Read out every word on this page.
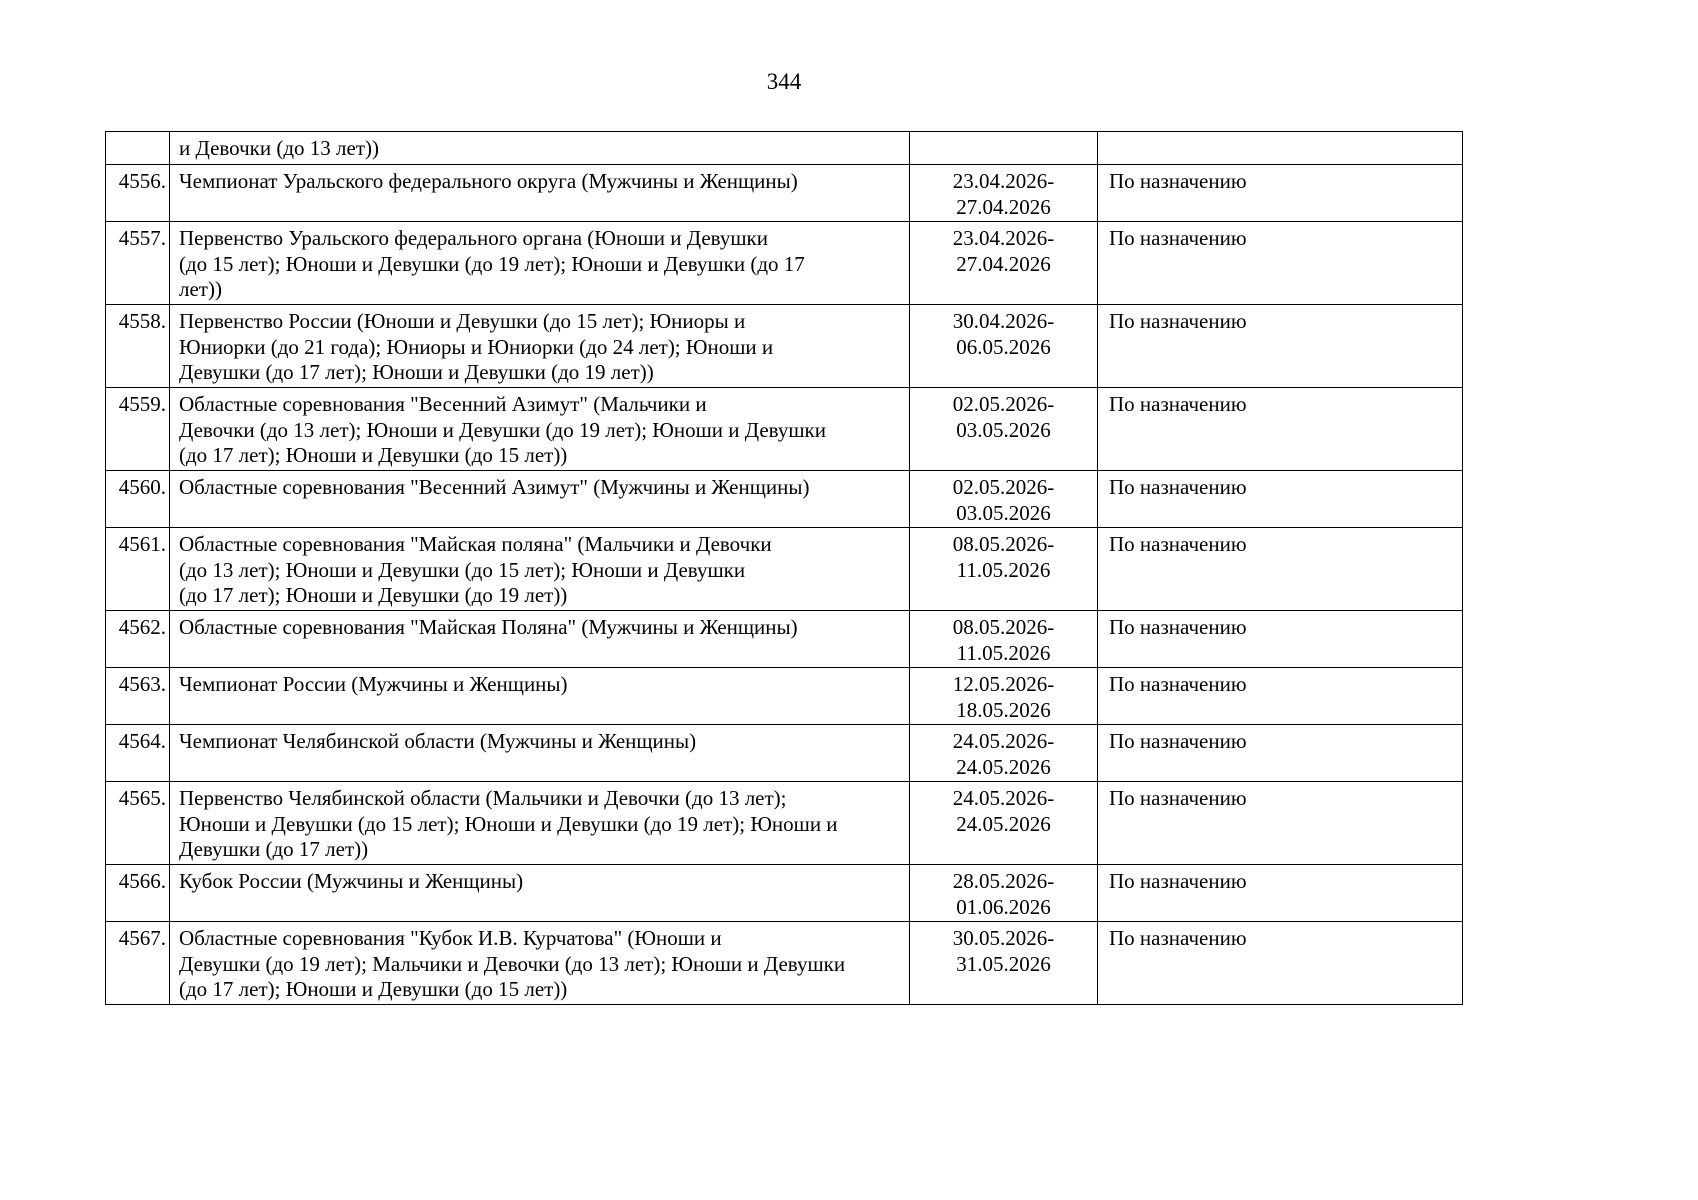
344
	и Девочки (до 13 лет))		
4556.	Чемпионат Уральского федерального округа (Мужчины и Женщины)	23.04.2026-
27.04.2026	По назначению
4557.	Первенство Уральского федерального органа (Юноши и Девушки
(до 15 лет); Юноши и Девушки (до 19 лет); Юноши и Девушки (до 17
лет))	23.04.2026-
27.04.2026	По назначению
4558.	Первенство России (Юноши и Девушки (до 15 лет); Юниоры и
Юниорки (до 21 года); Юниоры и Юниорки (до 24 лет); Юноши и
Девушки (до 17 лет); Юноши и Девушки (до 19 лет))	30.04.2026-
06.05.2026	По назначению
4559.	Областные соревнования "Весенний Азимут" (Мальчики и
Девочки (до 13 лет); Юноши и Девушки (до 19 лет); Юноши и Девушки
(до 17 лет); Юноши и Девушки (до 15 лет))	02.05.2026-
03.05.2026	По назначению
4560.	Областные соревнования "Весенний Азимут" (Мужчины и Женщины)	02.05.2026-
03.05.2026	По назначению
4561.	Областные соревнования "Майская поляна" (Мальчики и Девочки
(до 13 лет); Юноши и Девушки (до 15 лет); Юноши и Девушки
(до 17 лет); Юноши и Девушки (до 19 лет))	08.05.2026-
11.05.2026	По назначению
4562.	Областные соревнования "Майская Поляна" (Мужчины и Женщины)	08.05.2026-
11.05.2026	По назначению
4563.	Чемпионат России (Мужчины и Женщины)	12.05.2026-
18.05.2026	По назначению
4564.	Чемпионат Челябинской области (Мужчины и Женщины)	24.05.2026-
24.05.2026	По назначению
4565.	Первенство Челябинской области (Мальчики и Девочки (до 13 лет);
Юноши и Девушки (до 15 лет); Юноши и Девушки (до 19 лет); Юноши и
Девушки (до 17 лет))	24.05.2026-
24.05.2026	По назначению
4566.	Кубок России (Мужчины и Женщины)	28.05.2026-
01.06.2026	По назначению
4567.	Областные соревнования "Кубок И.В. Курчатова" (Юноши и
Девушки (до 19 лет); Мальчики и Девочки (до 13 лет); Юноши и Девушки
(до 17 лет); Юноши и Девушки (до 15 лет))	30.05.2026-
31.05.2026	По назначению
